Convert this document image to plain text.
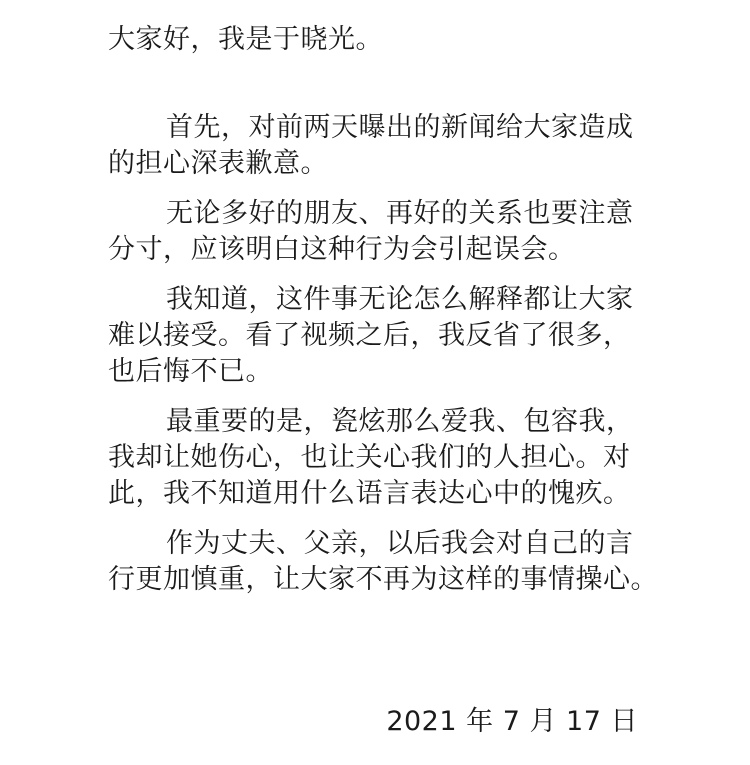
大家好，我是于晓光。
首先，对前两天曝出的新闻给大家造成
的担心深表歉意。
无论多好的朋友、再好的关系也要注意
分寸，应该明白这种行为会引起误会。
我知道，这件事无论怎么解释都让大家
难以接受。看了视频之后，我反省了很多，
也后悔不已。
最重要的是，瓷炫那么爱我、包容我，
我却让她伤心，也让关心我们的人担心。对
此，我不知道用什么语言表达心中的愧疚。
作为丈夫、父亲，以后我会对自己的言
行更加慎重，让大家不再为这样的事情操心。
2021 年 7 月 17 日
